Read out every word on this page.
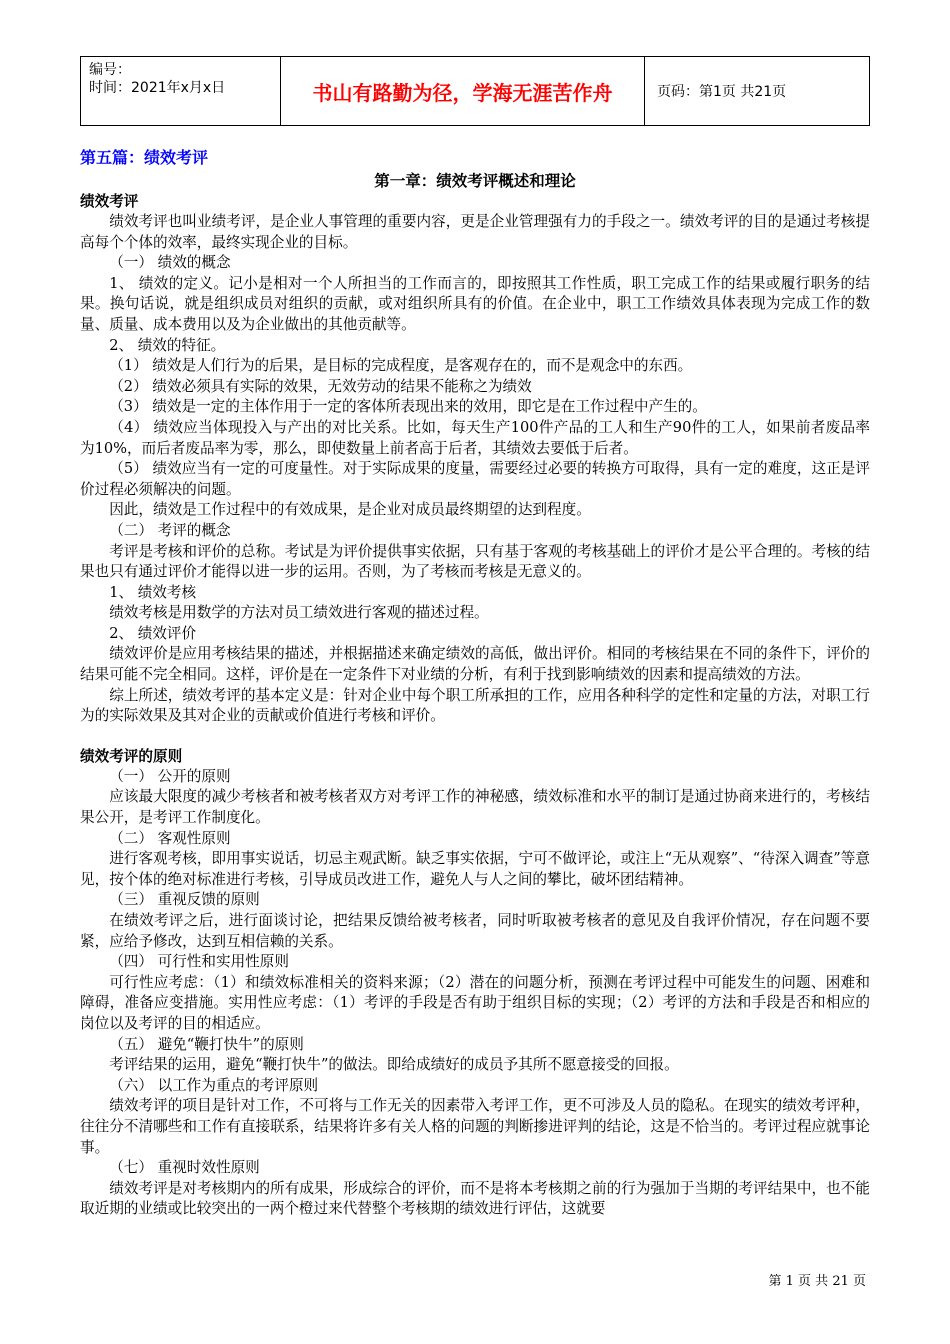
编号：
时间：2021年x月x日	书山有路勤为径，学海无涯苦作舟	页码：第1页 共21页
第五篇：绩效考评
第一章：绩效考评概述和理论
绩效考评

绩效考评也叫业绩考评，是企业人事管理的重要内容，更是企业管理强有力的手段之一。绩效考评的目的是通过考核提高每个个体的效率，最终实现企业的目标。

（一） 绩效的概念

1、 绩效的定义。记小是相对一个人所担当的工作而言的，即按照其工作性质，职工完成工作的结果或履行职务的结果。换句话说，就是组织成员对组织的贡献，或对组织所具有的价值。在企业中，职工工作绩效具体表现为完成工作的数量、质量、成本费用以及为企业做出的其他贡献等。

2、 绩效的特征。

（1） 绩效是人们行为的后果，是目标的完成程度，是客观存在的，而不是观念中的东西。

（2） 绩效必须具有实际的效果，无效劳动的结果不能称之为绩效

（3） 绩效是一定的主体作用于一定的客体所表现出来的效用，即它是在工作过程中产生的。

（4） 绩效应当体现投入与产出的对比关系。比如，每天生产100件产品的工人和生产90件的工人，如果前者废品率为10%，而后者废品率为零，那么，即使数量上前者高于后者，其绩效去要低于后者。

（5） 绩效应当有一定的可度量性。对于实际成果的度量，需要经过必要的转换方可取得，具有一定的难度，这正是评价过程必须解决的问题。

因此，绩效是工作过程中的有效成果，是企业对成员最终期望的达到程度。

（二） 考评的概念

考评是考核和评价的总称。考试是为评价提供事实依据，只有基于客观的考核基础上的评价才是公平合理的。考核的结果也只有通过评价才能得以进一步的运用。否则，为了考核而考核是无意义的。

1、 绩效考核

绩效考核是用数学的方法对员工绩效进行客观的描述过程。

2、 绩效评价

绩效评价是应用考核结果的描述，并根据描述来确定绩效的高低，做出评价。相同的考核结果在不同的条件下，评价的结果可能不完全相同。这样，评价是在一定条件下对业绩的分析，有利于找到影响绩效的因素和提高绩效的方法。

综上所述，绩效考评的基本定义是：针对企业中每个职工所承担的工作，应用各种科学的定性和定量的方法，对职工行为的实际效果及其对企业的贡献或价值进行考核和评价。

绩效考评的原则
（一） 公开的原则

应该最大限度的减少考核者和被考核者双方对考评工作的神秘感，绩效标准和水平的制订是通过协商来进行的，考核结果公开，是考评工作制度化。

（二） 客观性原则

进行客观考核，即用事实说话，切忌主观武断。缺乏事实依据，宁可不做评论，或注上“无从观察”、“待深入调查”等意见，按个体的绝对标准进行考核，引导成员改进工作，避免人与人之间的攀比，破坏团结精神。

（三） 重视反馈的原则

在绩效考评之后，进行面谈讨论，把结果反馈给被考核者，同时听取被考核者的意见及自我评价情况，存在问题不要紧，应给予修改，达到互相信赖的关系。

（四） 可行性和实用性原则

可行性应考虑：（1）和绩效标准相关的资料来源；（2）潜在的问题分析，预测在考评过程中可能发生的问题、困难和障碍，准备应变措施。实用性应考虑：（1）考评的手段是否有助于组织目标的实现；（2）考评的方法和手段是否和相应的岗位以及考评的目的相适应。

（五） 避免“鞭打快牛”的原则

考评结果的运用，避免“鞭打快牛”的做法。即给成绩好的成员予其所不愿意接受的回报。

（六） 以工作为重点的考评原则

绩效考评的项目是针对工作，不可将与工作无关的因素带入考评工作，更不可涉及人员的隐私。在现实的绩效考评种，往往分不清哪些和工作有直接联系，结果将许多有关人格的问题的判断掺进评判的结论，这是不恰当的。考评过程应就事论事。

（七） 重视时效性原则

绩效考评是对考核期内的所有成果，形成综合的评价，而不是将本考核期之前的行为强加于当期的考评结果中，也不能取近期的业绩或比较突出的一两个橙过来代替整个考核期的绩效进行评估，这就要

第 1 页 共 21 页
